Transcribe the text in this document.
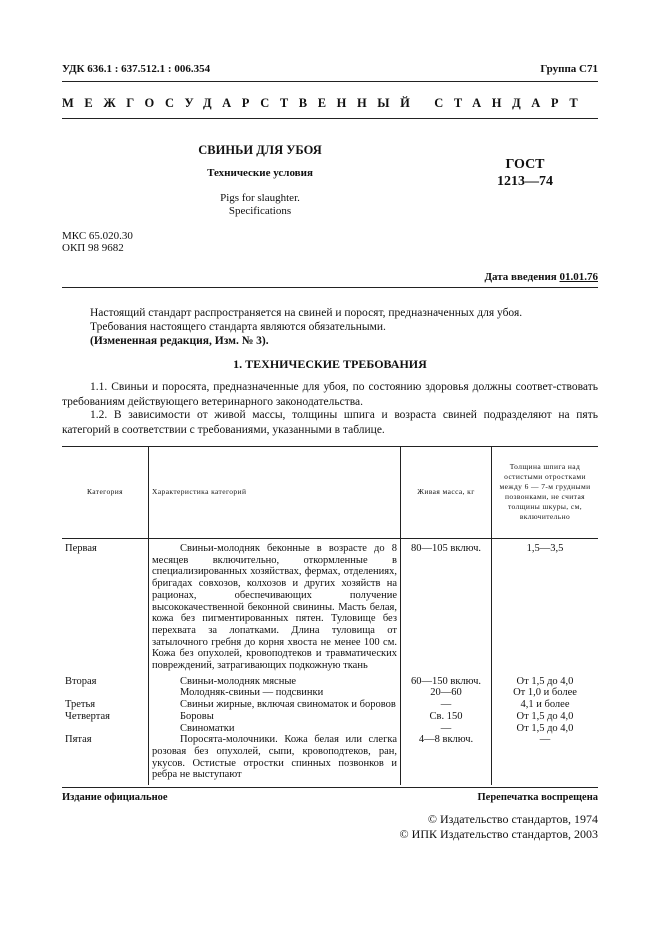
УДК 636.1 : 637.512.1 : 006.354	Группа С71
МЕЖГОСУДАРСТВЕННЫЙ СТАНДАРТ
СВИНЬИ ДЛЯ УБОЯ
Технические условия
Pigs for slaughter.
Specifications
ГОСТ
1213—74
МКС 65.020.30
ОКП 98 9682
Дата введения 01.01.76
Настоящий стандарт распространяется на свиней и поросят, предназначенных для убоя.
Требования настоящего стандарта являются обязательными.
(Измененная редакция, Изм. № 3).
1. ТЕХНИЧЕСКИЕ ТРЕБОВАНИЯ
1.1. Свиньи и поросята, предназначенные для убоя, по состоянию здоровья должны соответ-ствовать требованиям действующего ветеринарного законодательства.
1.2. В зависимости от живой массы, толщины шпига и возраста свиней подразделяют на пять категорий в соответствии с требованиями, указанными в таблице.
Категория	Характеристика категорий	Живая масса, кг	Толщина шпига над остистыми отростками между 6 — 7-м грудными позвонками, не считая толщины шкуры, см, включительно
Первая	Свиньи-молодняк беконные в возрасте до 8 месяцев включительно, откормленные в специализированных хозяйствах, фермах, отделениях, бригадах совхозов, колхозов и других хозяйств на рационах, обеспечивающих получение высококачественной беконной свинины. Масть белая, кожа без пигментированных пятен. Туловище без перехвата за лопатками. Длина туловища от затылочного гребня до корня хвоста не менее 100 см. Кожа без опухолей, кровоподтеков и травматических повреждений, затрагивающих подкожную ткань	80—105 включ.	1,5—3,5
Вторая	Свиньи-молодняк мясные	60—150 включ.	От 1,5 до 4,0
	Молодняк-свиньи — подсвинки	20—60	От 1,0 и более
Третья	Свиньи жирные, включая свиноматок и боровов	—	4,1 и более
Четвертая	Боровы	Св. 150	От 1,5 до 4,0
	Свиноматки	—	От 1,5 до 4,0
Пятая	Поросята-молочники. Кожа белая или слегка розовая без опухолей, сыпи, кровоподтеков, ран, укусов. Остистые отростки спинных позвонков и ребра не выступают	4—8 включ.	—
Издание официальное	Перепечатка воспрещена
© Издательство стандартов, 1974
© ИПК Издательство стандартов, 2003
